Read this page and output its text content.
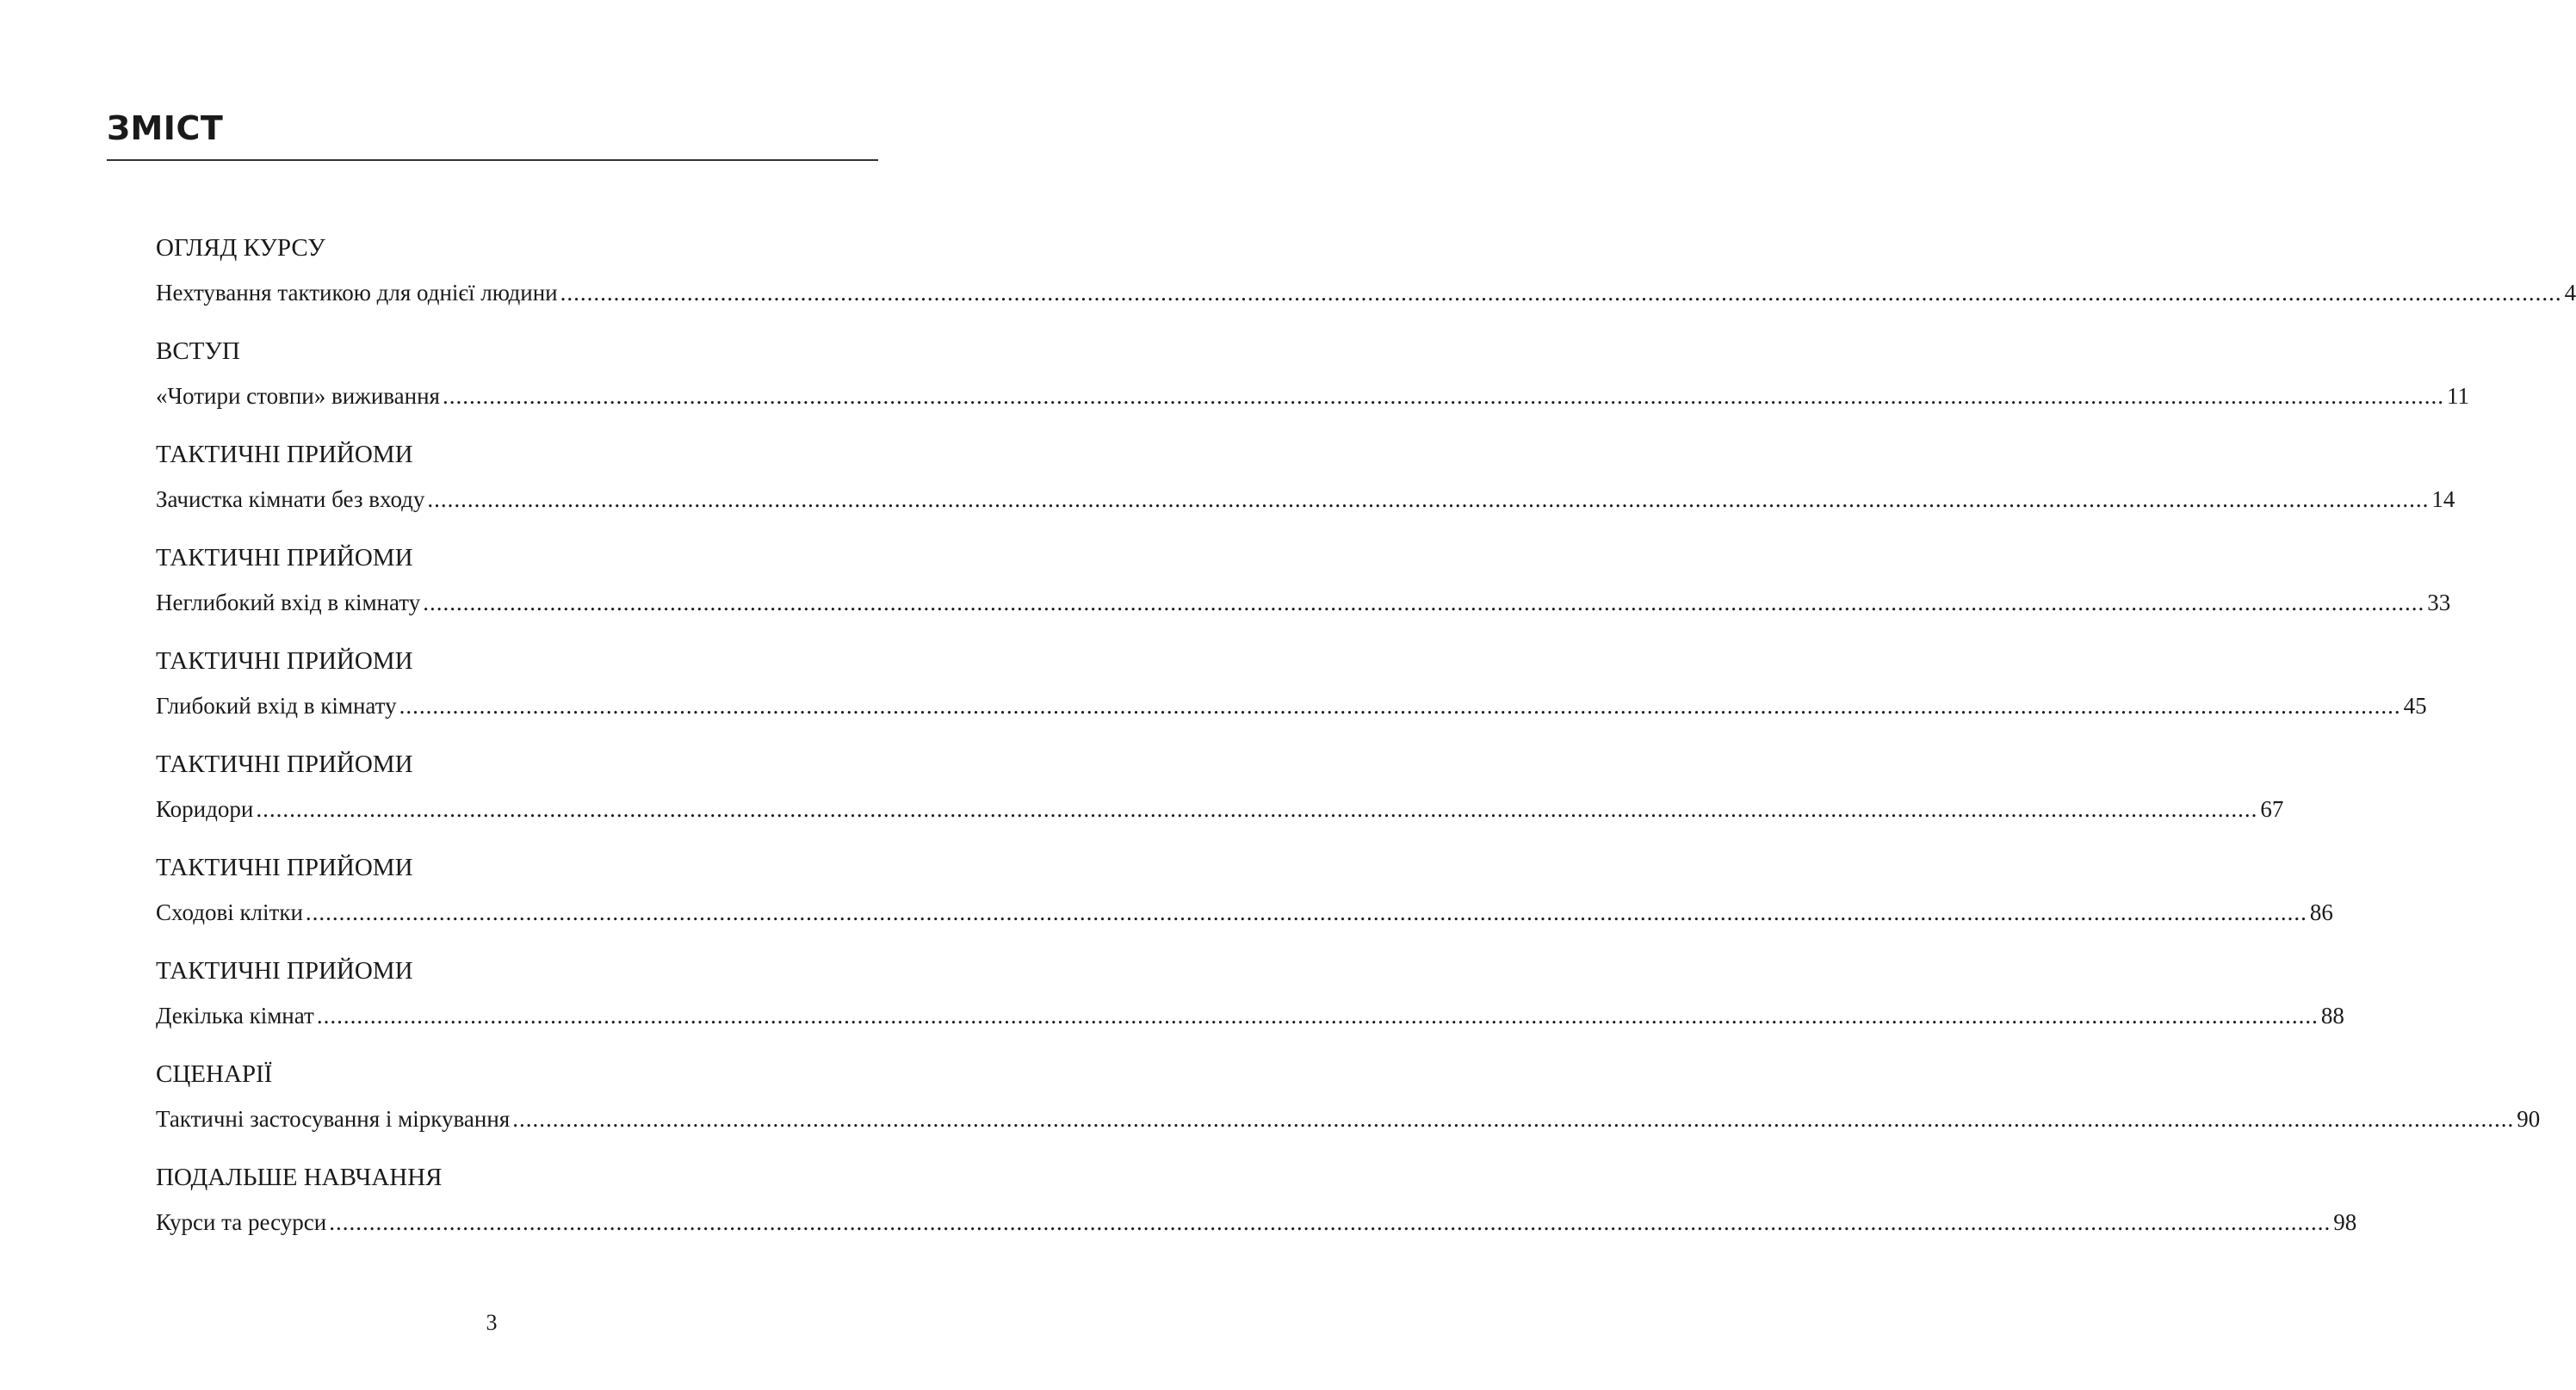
ЗМІСТ
ОГЛЯД КУРСУ
Нехтування тактикою для однієї людини ............................................................................................................................................................................................................................................................................................................ 4
ВСТУП
«Чотири стовпи» виживання ............................................................................................................................................................................................................................................................................................................ 11
ТАКТИЧНІ ПРИЙОМИ
Зачистка кімнати без входу ............................................................................................................................................................................................................................................................................................................ 14
ТАКТИЧНІ ПРИЙОМИ
Неглибокий вхід в кімнату ............................................................................................................................................................................................................................................................................................................ 33
ТАКТИЧНІ ПРИЙОМИ
Глибокий вхід в кімнату ............................................................................................................................................................................................................................................................................................................ 45
ТАКТИЧНІ ПРИЙОМИ
Коридори ............................................................................................................................................................................................................................................................................................................ 67
ТАКТИЧНІ ПРИЙОМИ
Сходові клітки ............................................................................................................................................................................................................................................................................................................ 86
ТАКТИЧНІ ПРИЙОМИ
Декілька кімнат ............................................................................................................................................................................................................................................................................................................ 88
СЦЕНАРІЇ
Тактичні застосування і міркування ............................................................................................................................................................................................................................................................................................................ 90
ПОДАЛЬШЕ НАВЧАННЯ
Курси та ресурси ............................................................................................................................................................................................................................................................................................................ 98
3
